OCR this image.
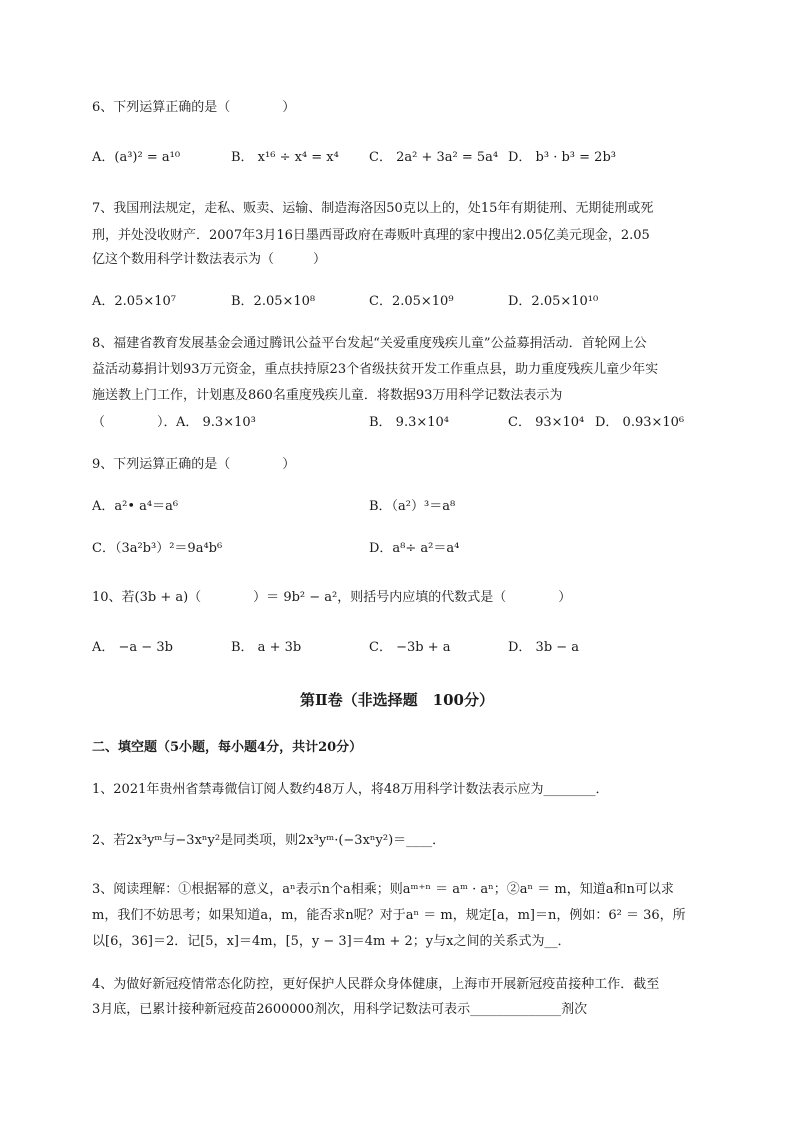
6、下列运算正确的是（　　　　）
A．(a³)² = a¹⁰	B． x¹⁶ ÷ x⁴ = x⁴ C． 2a² + 3a² = 5a⁴ D． b³ · b³ = 2b³
7、我国刑法规定，走私、贩卖、运输、制造海洛因50克以上的，处15年有期徒刑、无期徒刑或死
刑，并处没收财产．2007年3月16日墨西哥政府在毒贩叶真理的家中搜出2.05亿美元现金，2.05
亿这个数用科学计数法表示为（　　　）
A．2.05×10⁷	B．2.05×10⁸	C．2.05×10⁹	D．2.05×10¹⁰
8、福建省教育发展基金会通过腾讯公益平台发起“关爱重度残疾儿童”公益募捐活动．首轮网上公
益活动募捐计划93万元资金，重点扶持原23个省级扶贫开发工作重点县，助力重度残疾儿童少年实
施送教上门工作，计划惠及860名重度残疾儿童．将数据93万用科学记数法表示为
（　　　　）． A． 9.3×10³	B． 9.3×10⁴	C． 93×10⁴ D． 0.93×10⁶
9、下列运算正确的是（　　　　）
A．a²• a⁴＝a⁶	B．（a²）³＝a⁸
C．（3a²b³）²＝9a⁴b⁶	D．a⁸÷ a²＝a⁴
10、若(3b + a)（　　　　）＝ 9b² − a²，则括号内应填的代数式是（　　　　）
A． −a − 3b	B． a + 3b	C． −3b + a	D． 3b − a
第Ⅱ卷（非选择题　100分）
二、填空题（5小题，每小题4分，共计20分）
1、2021年贵州省禁毒微信订阅人数约48万人，将48万用科学计数法表示应为________．
2、若2x³yᵐ与−3xⁿy²是同类项，则2x³yᵐ·(−3xⁿy²)＝____．
3、阅读理解：①根据幂的意义，aⁿ表示n个a相乘；则aᵐ⁺ⁿ ＝ aᵐ · aⁿ；②aⁿ ＝ m，知道a和n可以求
m，我们不妨思考；如果知道a，m，能否求n呢？对于aⁿ ＝ m，规定[a，m]＝n，例如：6² ＝ 36，所
以[6，36]＝2．记[5，x]＝4m，[5，y − 3]＝4m + 2；y与x之间的关系式为__．
4、为做好新冠疫情常态化防控，更好保护人民群众身体健康，上海市开展新冠疫苗接种工作．截至
3月底，已累计接种新冠疫苗2600000剂次，用科学记数法可表示______________剂次
